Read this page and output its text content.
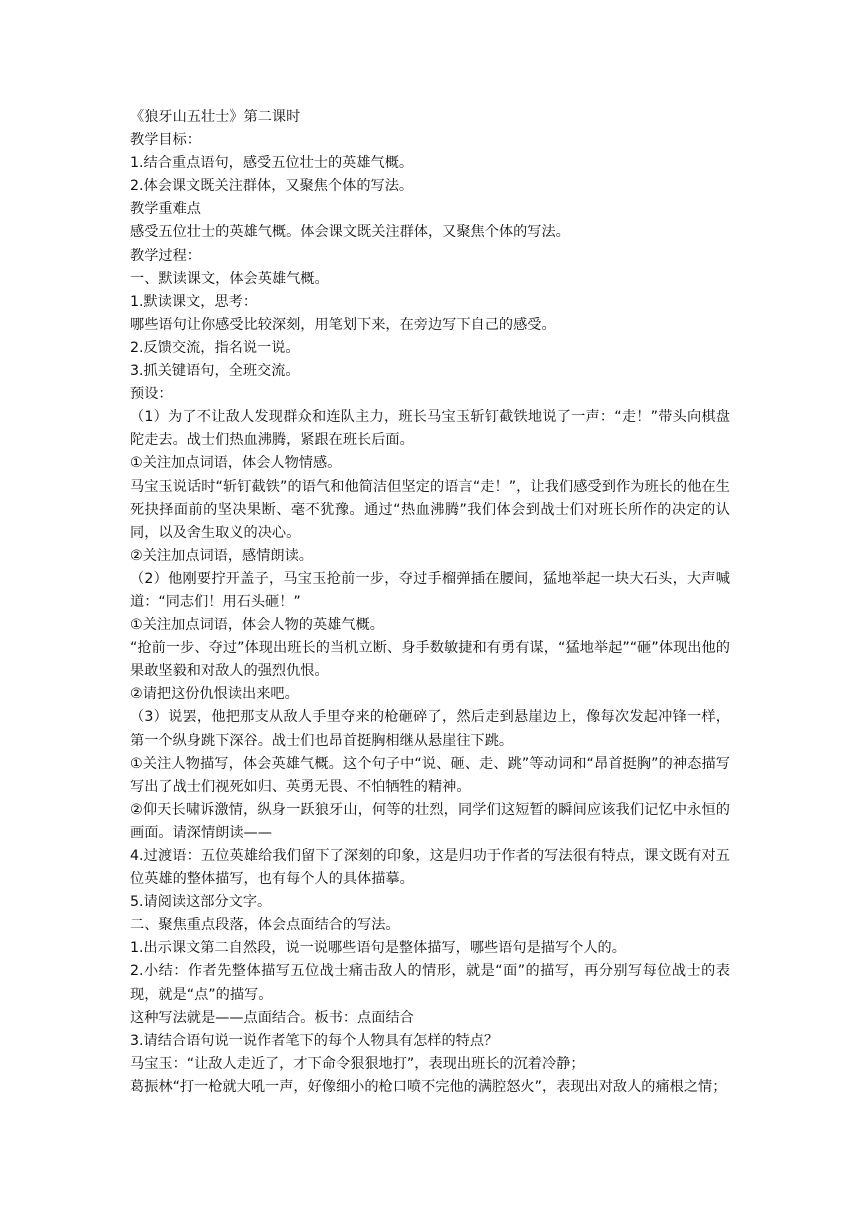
《狼牙山五壮士》第二课时

教学目标：

1.结合重点语句，感受五位壮士的英雄气概。

2.体会课文既关注群体，又聚焦个体的写法。

教学重难点

感受五位壮士的英雄气概。体会课文既关注群体，又聚焦个体的写法。

教学过程：

一、默读课文，体会英雄气概。

1.默读课文，思考：

哪些语句让你感受比较深刻，用笔划下来，在旁边写下自己的感受。

2.反馈交流，指名说一说。

3.抓关键语句，全班交流。

预设：

（1）为了不让敌人发现群众和连队主力，班长马宝玉斩钉截铁地说了一声：“走！”带头向棋盘陀走去。战士们热血沸腾，紧跟在班长后面。

①关注加点词语，体会人物情感。

马宝玉说话时“斩钉截铁”的语气和他简洁但坚定的语言“走！”，让我们感受到作为班长的他在生死抉择面前的坚决果断、毫不犹豫。通过“热血沸腾”我们体会到战士们对班长所作的决定的认同，以及舍生取义的决心。

②关注加点词语，感情朗读。

（2）他刚要拧开盖子，马宝玉抢前一步，夺过手榴弹插在腰间，猛地举起一块大石头，大声喊道：“同志们！用石头砸！”

①关注加点词语，体会人物的英雄气概。

“抢前一步、夺过”体现出班长的当机立断、身手数敏捷和有勇有谋，“猛地举起”“砸”体现出他的果敢坚毅和对敌人的强烈仇恨。

②请把这份仇恨读出来吧。

（3）说罢，他把那支从敌人手里夺来的枪砸碎了，然后走到悬崖边上，像每次发起冲锋一样，第一个纵身跳下深谷。战士们也昂首挺胸相继从悬崖往下跳。

①关注人物描写，体会英雄气概。这个句子中“说、砸、走、跳”等动词和“昂首挺胸”的神态描写写出了战士们视死如归、英勇无畏、不怕牺牲的精神。

②仰天长啸诉激情，纵身一跃狼牙山，何等的壮烈，同学们这短暂的瞬间应该我们记忆中永恒的画面。请深情朗读——

4.过渡语：五位英雄给我们留下了深刻的印象，这是归功于作者的写法很有特点，课文既有对五位英雄的整体描写，也有每个人的具体描摹。

5.请阅读这部分文字。

二、聚焦重点段落，体会点面结合的写法。

1.出示课文第二自然段，说一说哪些语句是整体描写，哪些语句是描写个人的。

2.小结：作者先整体描写五位战士痛击敌人的情形，就是“面”的描写，再分别写每位战士的表现，就是“点”的描写。

这种写法就是——点面结合。板书：点面结合

3.请结合语句说一说作者笔下的每个人物具有怎样的特点？

马宝玉：“让敌人走近了，才下命令狠狠地打”，表现出班长的沉着冷静；

葛振林“打一枪就大吼一声，好像细小的枪口喷不完他的满腔怒火”，表现出对敌人的痛根之情；
